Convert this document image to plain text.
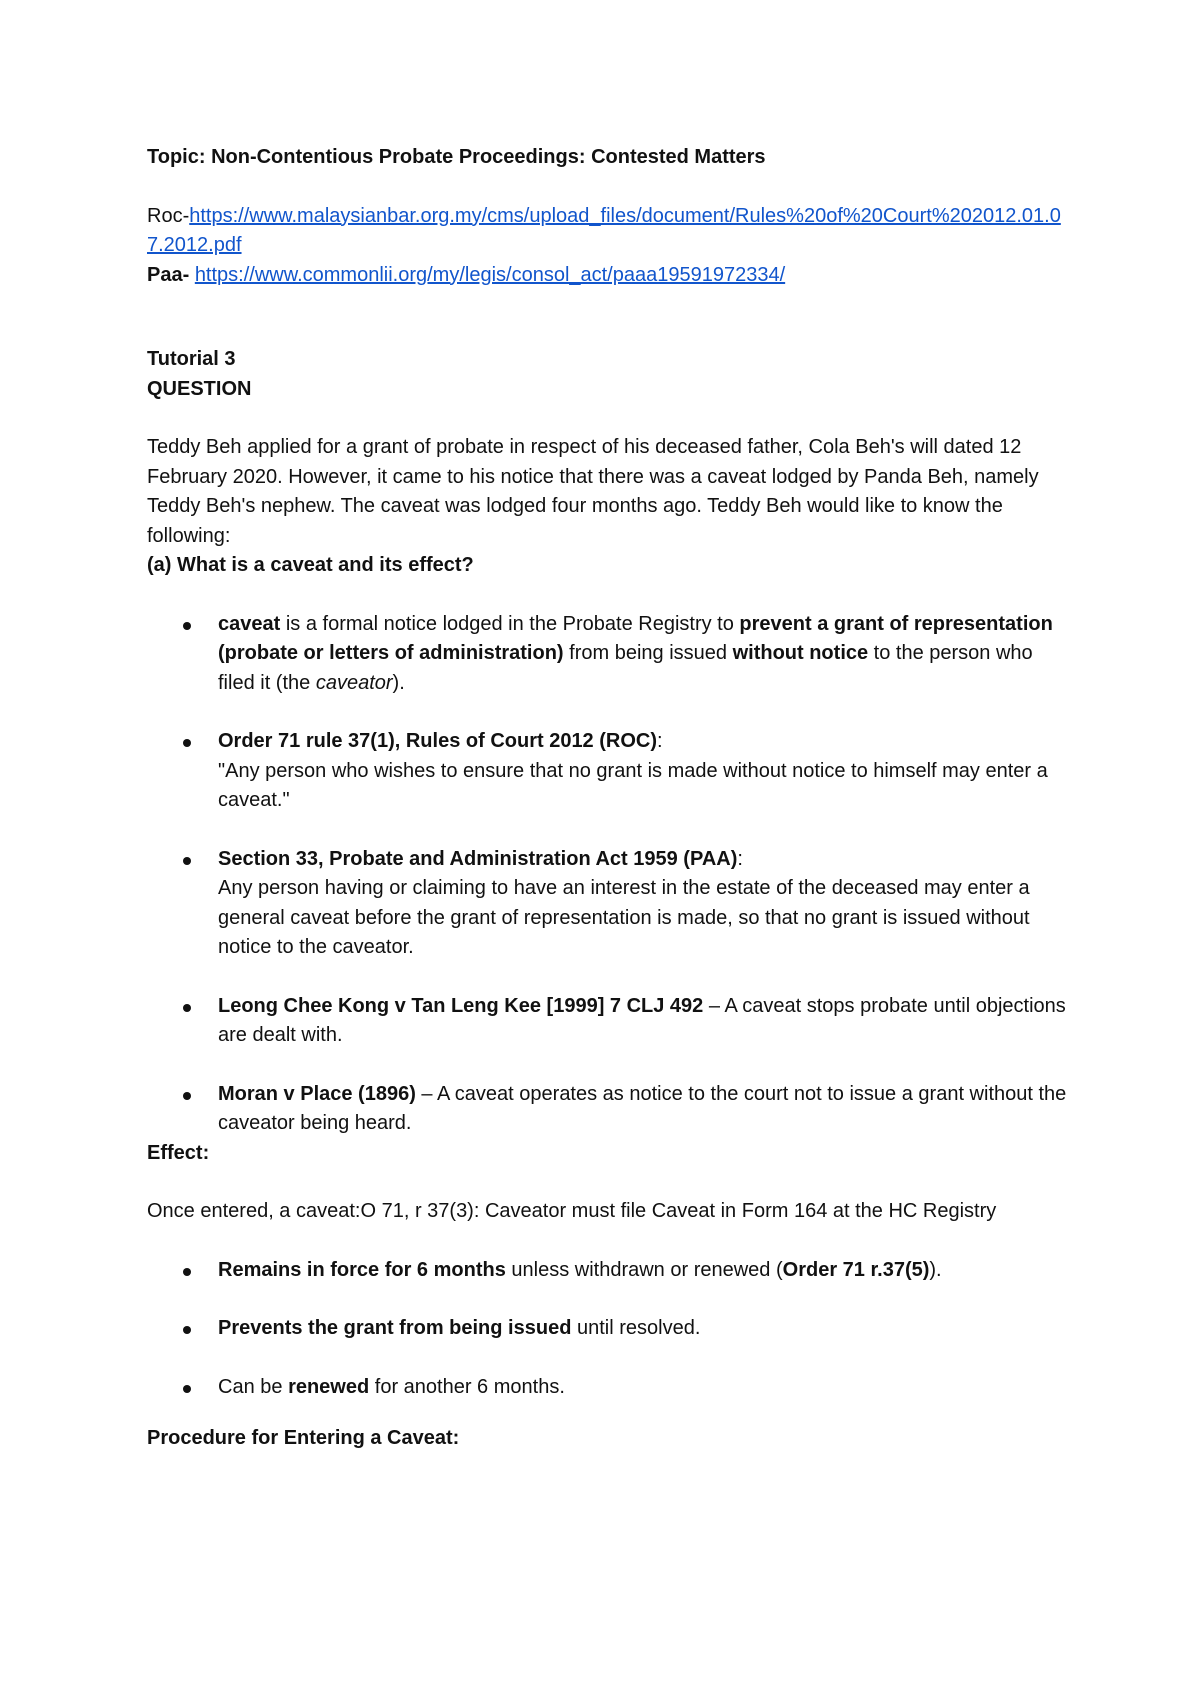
Topic: Non-Contentious Probate Proceedings: Contested Matters

Roc-https://www.malaysianbar.org.my/cms/upload_files/document/Rules%20of%20Court%202012.01.07.2012.pdf

Paa- https://www.commonlii.org/my/legis/consol_act/paaa19591972334/

Tutorial 3

QUESTION

Teddy Beh applied for a grant of probate in respect of his deceased father, Cola Beh's will dated 12 February 2020. However, it came to his notice that there was a caveat lodged by Panda Beh, namely Teddy Beh's nephew. The caveat was lodged four months ago. Teddy Beh would like to know the following:

(a) What is a caveat and its effect?

caveat is a formal notice lodged in the Probate Registry to prevent a grant of representation (probate or letters of administration) from being issued without notice to the person who filed it (the caveator).
Order 71 rule 37(1), Rules of Court 2012 (ROC):
"Any person who wishes to ensure that no grant is made without notice to himself may enter a caveat."
Section 33, Probate and Administration Act 1959 (PAA):
Any person having or claiming to have an interest in the estate of the deceased may enter a general caveat before the grant of representation is made, so that no grant is issued without notice to the caveator.
Leong Chee Kong v Tan Leng Kee [1999] 7 CLJ 492 – A caveat stops probate until objections are dealt with.
Moran v Place (1896) – A caveat operates as notice to the court not to issue a grant without the caveator being heard.

Effect:

Once entered, a caveat:O 71, r 37(3): Caveator must file Caveat in Form 164 at the HC Registry

Remains in force for 6 months unless withdrawn or renewed (Order 71 r.37(5)).
Prevents the grant from being issued until resolved.
Can be renewed for another 6 months.

Procedure for Entering a Caveat:
